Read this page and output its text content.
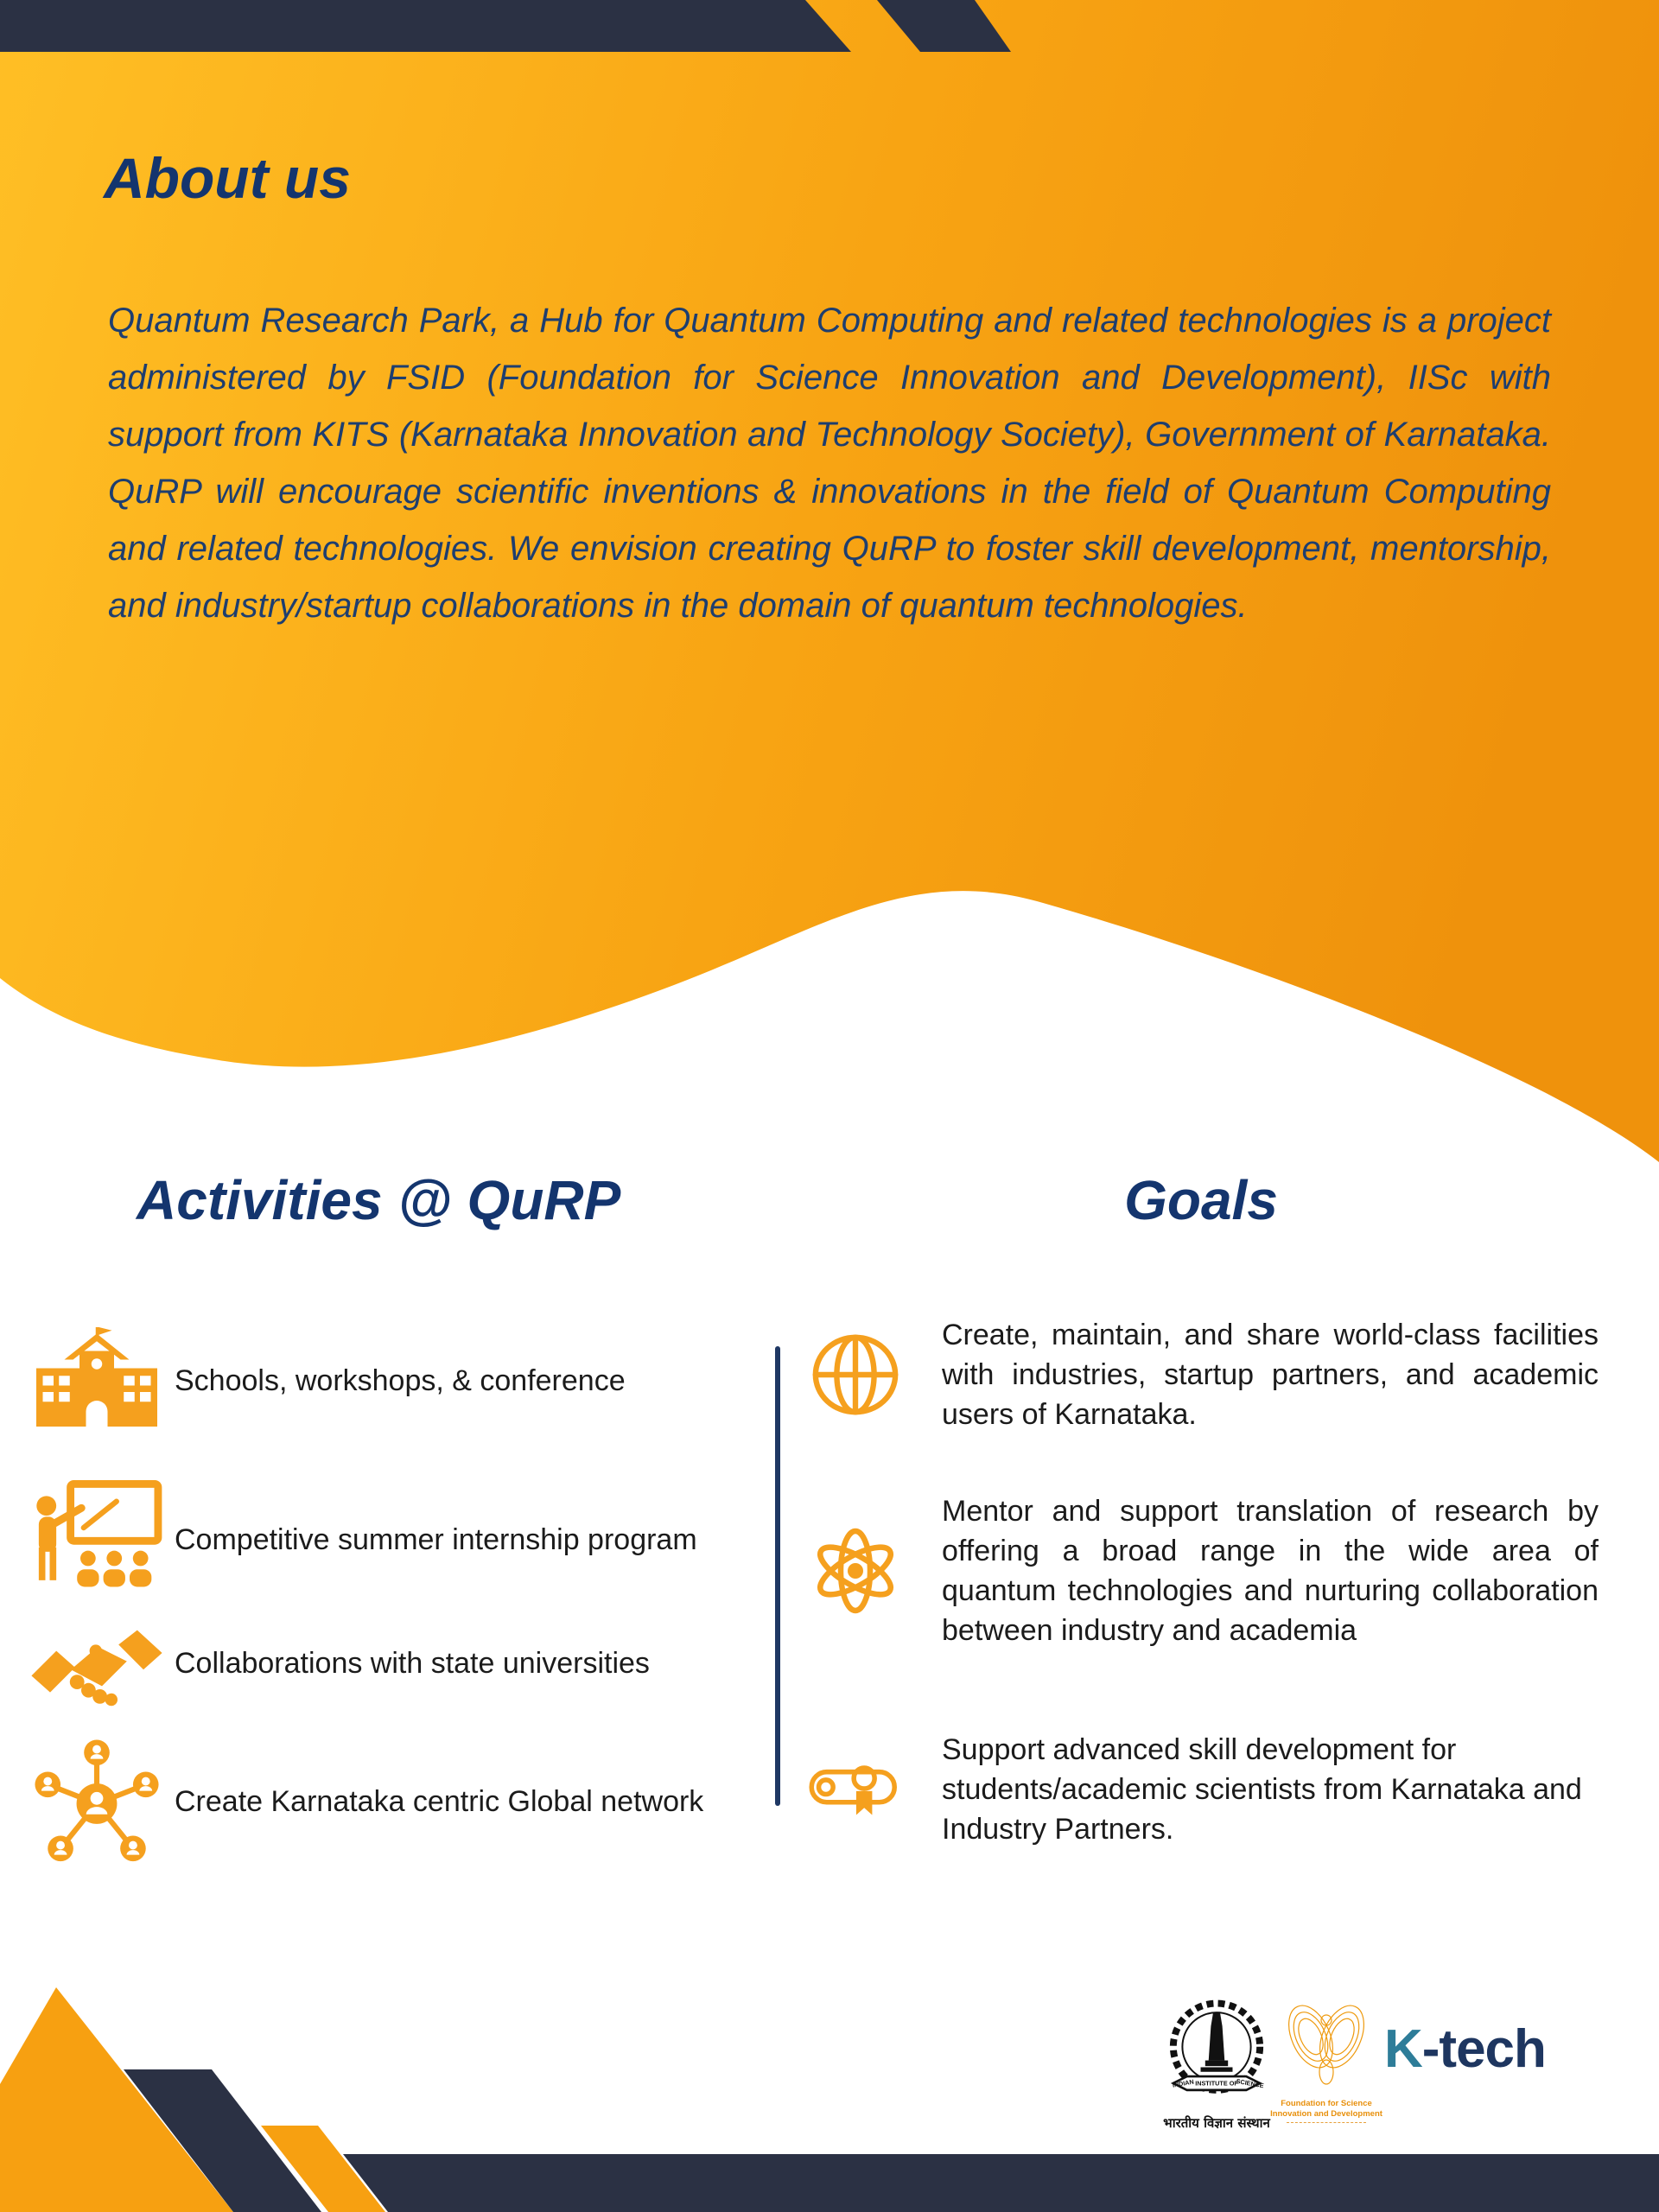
About us
Quantum Research Park, a Hub for Quantum Computing and related technologies is a project administered by FSID (Foundation for Science Innovation and Development), IISc with support from KITS (Karnataka Innovation and Technology Society), Government of Karnataka. QuRP will encourage scientific inventions & innovations in the field of Quantum Computing and related technologies. We envision creating QuRP to foster skill development, mentorship, and industry/startup collaborations in the domain of quantum technologies.
Activities @ QuRP	Goals
Schools, workshops, & conference
Competitive summer internship program
Collaborations with state universities
Create Karnataka centric Global network
Create, maintain, and share world-class facilities with industries, startup partners, and academic users of Karnataka.
Mentor and support translation of research by offering a broad range in the wide area of quantum technologies and nurturing collaboration between industry and academia
Support advanced skill development for students/academic scientists from Karnataka and Industry Partners.
INDIAN INSTITUTE OF
SCIENCE
भारतीय विज्ञान संस्थान
Foundation for Science
Innovation and Development
K-tech
